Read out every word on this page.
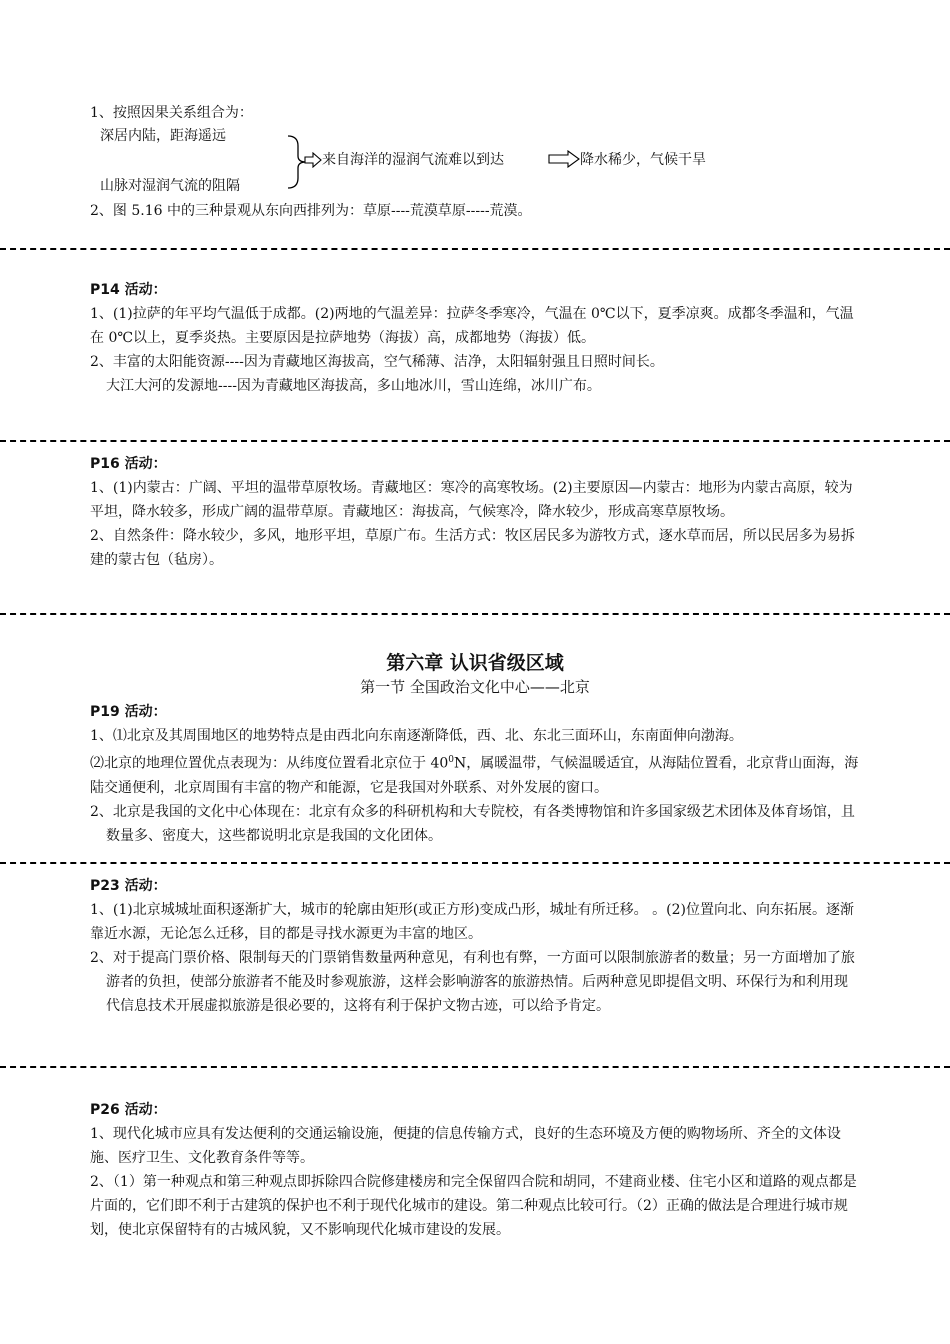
1、按照因果关系组合为：
深居内陆，距海遥远
山脉对湿润气流的阻隔
来自海洋的湿润气流难以到达	降水稀少，气候干旱
2、图 5.16 中的三种景观从东向西排列为：草原----荒漠草原-----荒漠。
P14 活动：

1、(1)拉萨的年平均气温低于成都。(2)两地的气温差异：拉萨冬季寒冷，气温在 0℃以下，夏季凉爽。成都冬季温和，气温在 0℃以上，夏季炎热。主要原因是拉萨地势（海拔）高，成都地势（海拔）低。
2、丰富的太阳能资源----因为青藏地区海拔高，空气稀薄、洁净，太阳辐射强且日照时间长。
大江大河的发源地----因为青藏地区海拔高，多山地冰川，雪山连绵，冰川广布。
P16 活动：

1、(1)内蒙古：广阔、平坦的温带草原牧场。青藏地区：寒冷的高寒牧场。(2)主要原因—内蒙古：地形为内蒙古高原，较为平坦，降水较多，形成广阔的温带草原。青藏地区：海拔高，气候寒冷，降水较少，形成高寒草原牧场。
2、自然条件：降水较少，多风，地形平坦，草原广布。生活方式：牧区居民多为游牧方式，逐水草而居，所以民居多为易拆建的蒙古包（毡房）。
第六章 认识省级区域
第一节 全国政治文化中心——北京
P19 活动：

1、⑴北京及其周围地区的地势特点是由西北向东南逐渐降低，西、北、东北三面环山，东南面伸向渤海。
⑵北京的地理位置优点表现为：从纬度位置看北京位于 $40^0N$，属暖温带，气候温暖适宜，从海陆位置看，北京背山面海，海陆交通便利，北京周围有丰富的物产和能源，它是我国对外联系、对外发展的窗口。
2、北京是我国的文化中心体现在：北京有众多的科研机构和大专院校，有各类博物馆和许多国家级艺术团体及体育场馆，且数量多、密度大，这些都说明北京是我国的文化团体。
P23 活动：

1、(1)北京城城址面积逐渐扩大，城市的轮廓由矩形(或正方形)变成凸形，城址有所迁移。 。(2)位置向北、向东拓展。逐渐靠近水源，无论怎么迁移，目的都是寻找水源更为丰富的地区。
2、对于提高门票价格、限制每天的门票销售数量两种意见，有利也有弊，一方面可以限制旅游者的数量；另一方面增加了旅游者的负担，使部分旅游者不能及时参观旅游，这样会影响游客的旅游热情。后两种意见即提倡文明、环保行为和利用现代信息技术开展虚拟旅游是很必要的，这将有利于保护文物古迹，可以给予肯定。
P26 活动：

1、现代化城市应具有发达便利的交通运输设施，便捷的信息传输方式，良好的生态环境及方便的购物场所、齐全的文体设施、医疗卫生、文化教育条件等等。
2、（1）第一种观点和第三种观点即拆除四合院修建楼房和完全保留四合院和胡同，不建商业楼、住宅小区和道路的观点都是片面的，它们即不利于古建筑的保护也不利于现代化城市的建设。第二种观点比较可行。（2）正确的做法是合理进行城市规划，使北京保留特有的古城风貌，又不影响现代化城市建设的发展。
